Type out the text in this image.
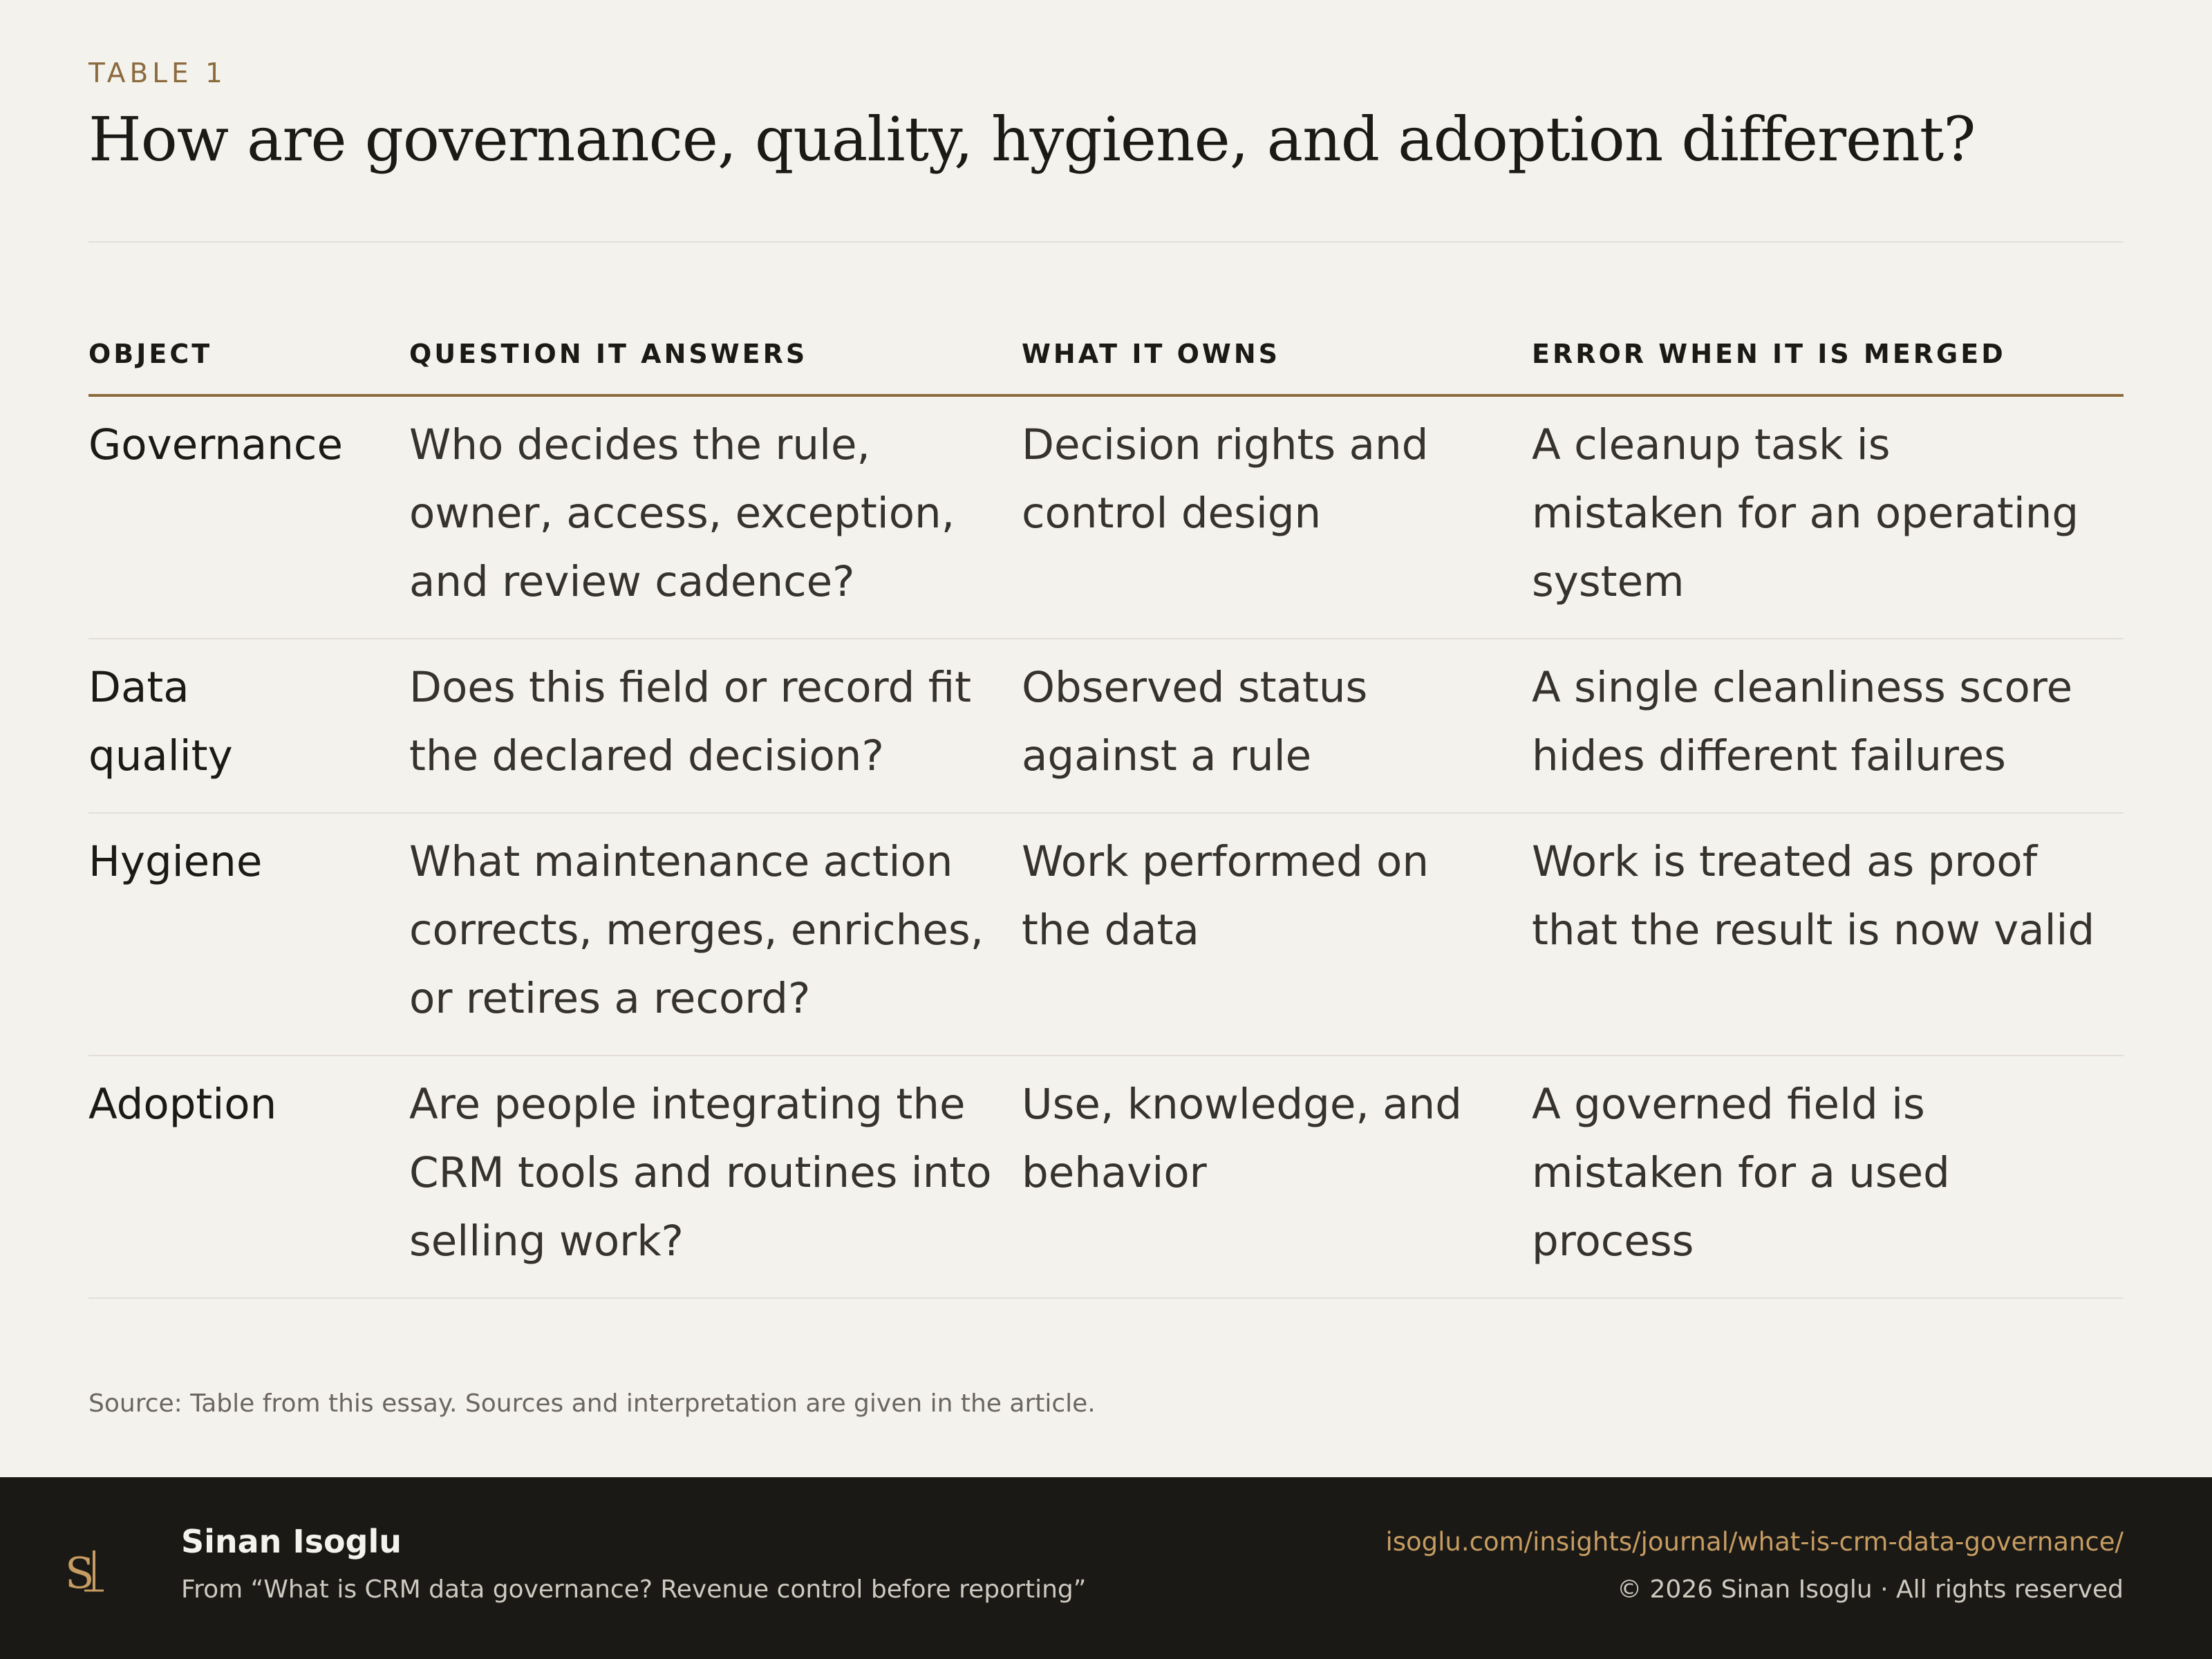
TABLE 1
How are governance, quality, hygiene, and adoption different?
OBJECT	QUESTION IT ANSWERS	WHAT IT OWNS	ERROR WHEN IT IS MERGED
Governance	Who decides the rule, owner, access, exception, and review cadence?	Decision rights and control design	A cleanup task is mistaken for an operating system
Data quality	Does this field or record fit the declared decision?	Observed status against a rule	A single cleanliness score hides different failures
Hygiene	What maintenance action corrects, merges, enriches, or retires a record?	Work performed on the data	Work is treated as proof that the result is now valid
Adoption	Are people integrating the CRM tools and routines into selling work?	Use, knowledge, and behavior	A governed field is mistaken for a used process
Source: Table from this essay. Sources and interpretation are given in the article.
S
Sinan Isoglu
From “What is CRM data governance? Revenue control before reporting”
isoglu.com/insights/journal/what-is-crm-data-governance/
© 2026 Sinan Isoglu · All rights reserved
